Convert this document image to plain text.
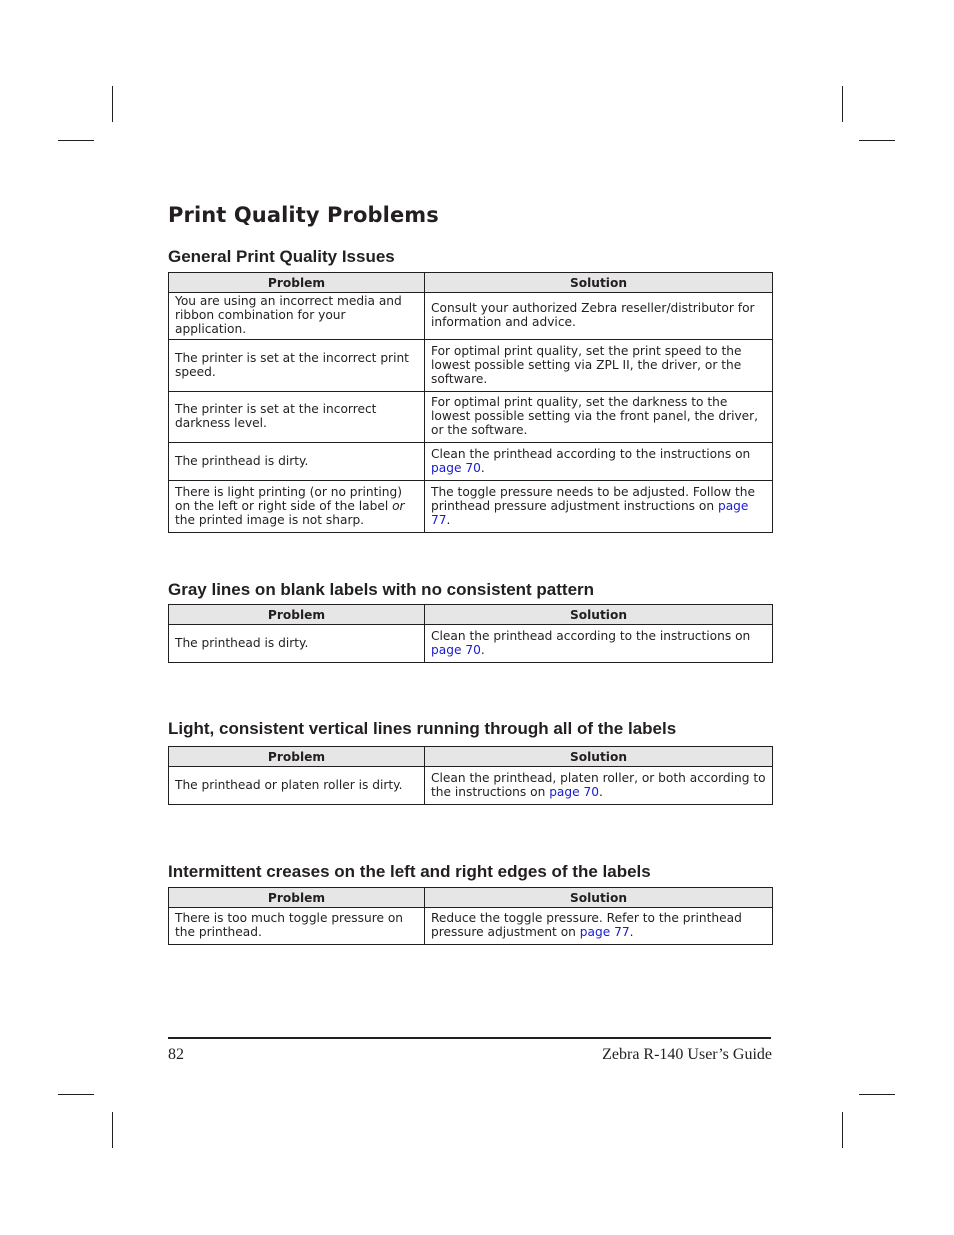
Print Quality Problems
General Print Quality Issues
Problem	Solution
You are using an incorrect media and ribbon combination for your application.	Consult your authorized Zebra reseller/distributor for information and advice.
The printer is set at the incorrect print speed.	For optimal print quality, set the print speed to the lowest possible setting via ZPL II, the driver, or the software.
The printer is set at the incorrect darkness level.	For optimal print quality, set the darkness to the lowest possible setting via the front panel, the driver, or the software.
The printhead is dirty.	Clean the printhead according to the instructions on page 70.
There is light printing (or no printing) on the left or right side of the label or the printed image is not sharp.	The toggle pressure needs to be adjusted. Follow the printhead pressure adjustment instructions on page 77.
Gray lines on blank labels with no consistent pattern
Problem	Solution
The printhead is dirty.	Clean the printhead according to the instructions on page 70.
Light, consistent vertical lines running through all of the labels
Problem	Solution
The printhead or platen roller is dirty.	Clean the printhead, platen roller, or both according to the instructions on page 70.
Intermittent creases on the left and right edges of the labels
Problem	Solution
There is too much toggle pressure on the printhead.	Reduce the toggle pressure. Refer to the printhead pressure adjustment on page 77.
82	Zebra R-140 User’s Guide
